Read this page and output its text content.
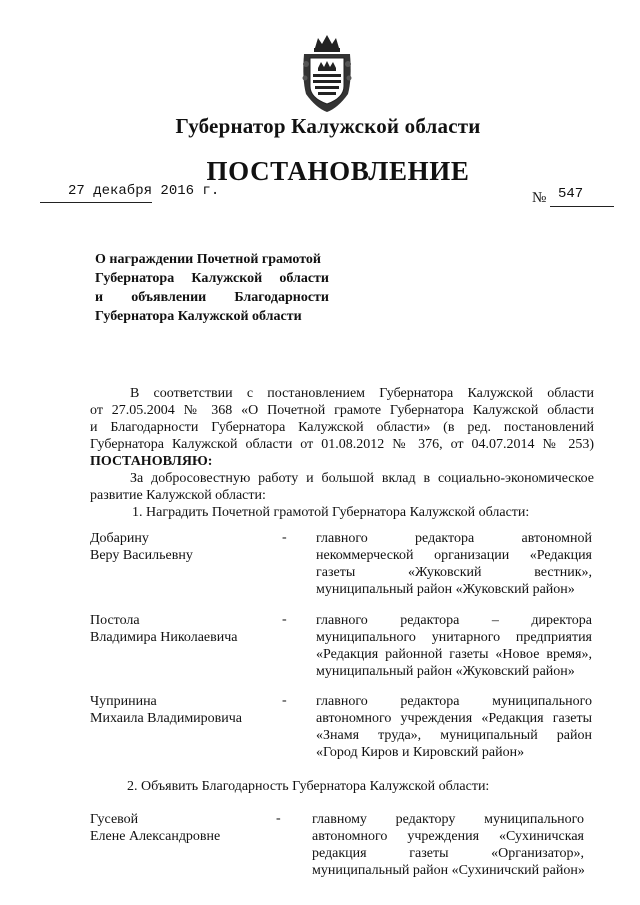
Губернатор Калужской области
ПОСТАНОВЛЕНИЕ
27 декабря 2016 г.	№ 547
О награждении Почетной грамотой
Губернатора Калужской области
и объявлении Благодарности
Губернатора Калужской области
В соответствии с постановлением Губернатора Калужской области
от 27.05.2004 № 368 «О Почетной грамоте Губернатора Калужской области
и Благодарности Губернатора Калужской области» (в ред. постановлений
Губернатора Калужской области от 01.08.2012 № 376, от 04.07.2014 № 253)
ПОСТАНОВЛЯЮ:
За добросовестную работу и большой вклад в социально-экономическое
развитие Калужской области:
1. Наградить Почетной грамотой Губернатора Калужской области:
Добарину
Веру Васильевну
- главного редактора автономной
некоммерческой организации «Редакция
газеты «Жуковский вестник»,
муниципальный район «Жуковский район»
Постола
Владимира Николаевича
- главного редактора – директора
муниципального унитарного предприятия
«Редакция районной газеты «Новое время»,
муниципальный район «Жуковский район»
Чупринина
Михаила Владимировича
- главного редактора муниципального
автономного учреждения «Редакция газеты
«Знамя труда», муниципальный район
«Город Киров и Кировский район»
2. Объявить Благодарность Губернатора Калужской области:
Гусевой
Елене Александровне
- главному редактору муниципального
автономного учреждения «Сухиничская
редакция газеты «Организатор»,
муниципальный район «Сухиничский район»
